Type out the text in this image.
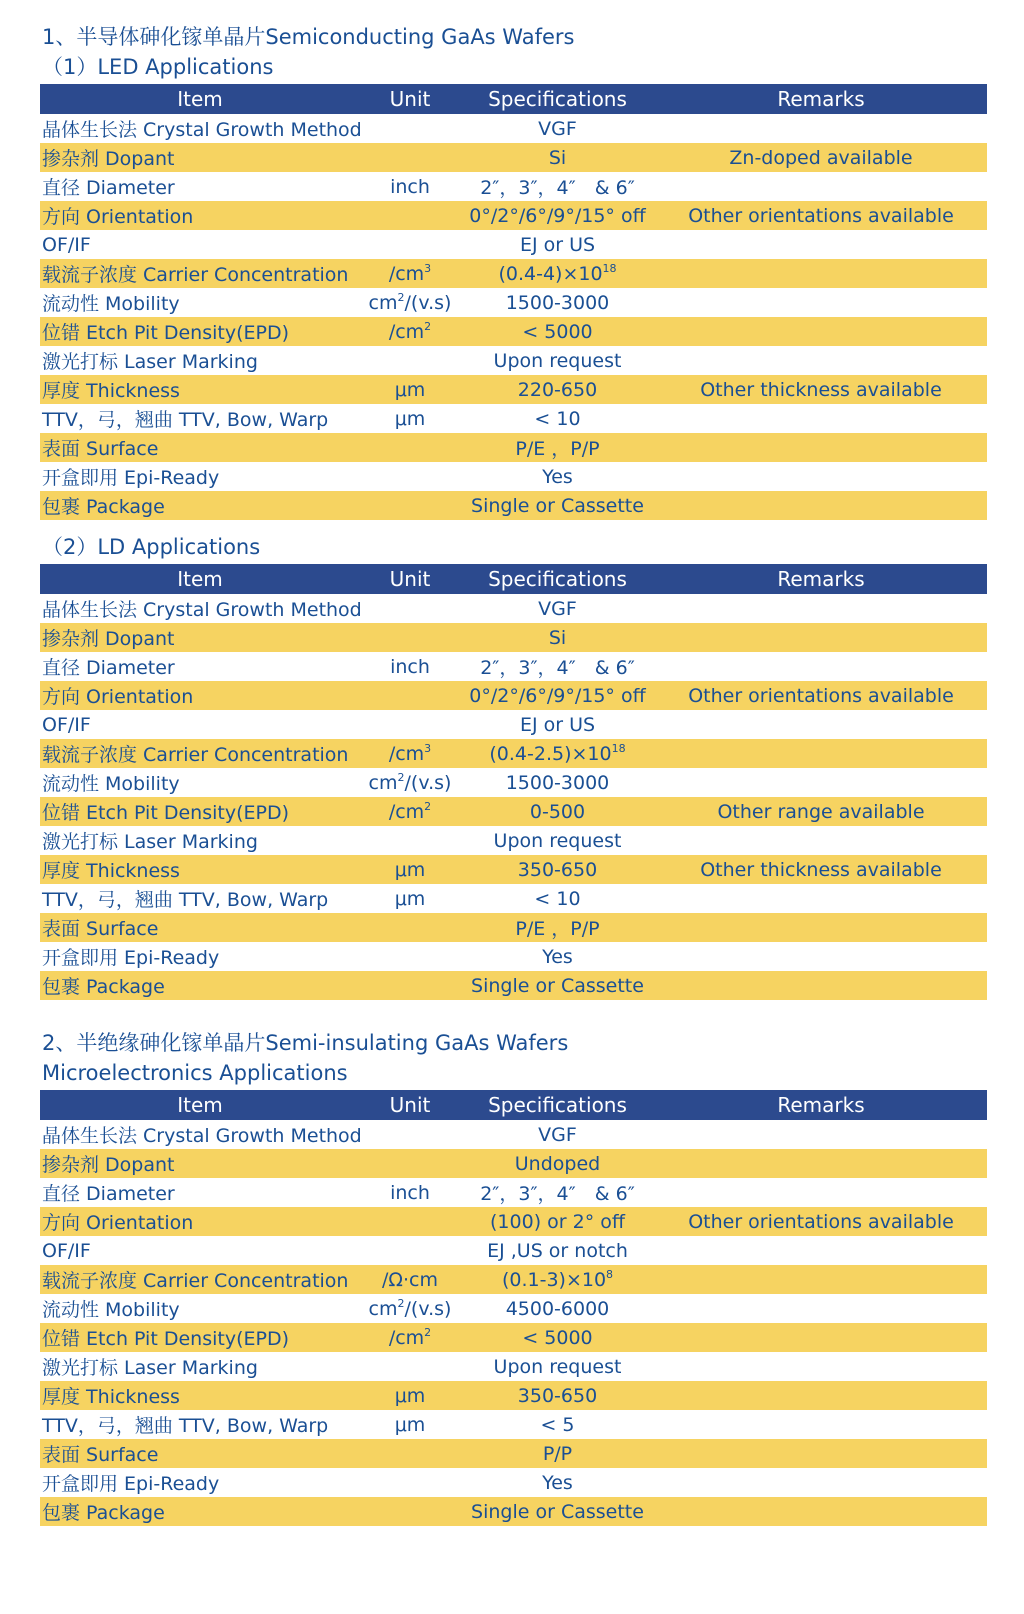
1、半导体砷化镓单晶片Semiconducting GaAs Wafers
（1）LED Applications
Item	Unit	Specifications	Remarks
晶体生长法 Crystal Growth Method		VGF	
掺杂剂 Dopant		Si	Zn-doped available
直径 Diameter	inch	2″，3″，4″　& 6″	
方向 Orientation		0°/2°/6°/9°/15° off	Other orientations available
OF/IF		EJ or US	
载流子浓度 Carrier Concentration	$/cm^3$	$(0.4-4)\times 10^{18}$	
流动性 Mobility	$cm^2/(v.s)$	1500-3000	
位错 Etch Pit Density(EPD)	$/cm^2$	< 5000	
激光打标 Laser Marking		Upon request	
厚度 Thickness	μm	220-650	Other thickness available
TTV，弓，翘曲 TTV, Bow, Warp	μm	< 10	
表面 Surface		P/E ，P/P	
开盒即用 Epi-Ready		Yes	
包裹 Package		Single or Cassette	
（2）LD Applications
Item	Unit	Specifications	Remarks
晶体生长法 Crystal Growth Method		VGF	
掺杂剂 Dopant		Si	
直径 Diameter	inch	2″，3″，4″　& 6″	
方向 Orientation		0°/2°/6°/9°/15° off	Other orientations available
OF/IF		EJ or US	
载流子浓度 Carrier Concentration	$/cm^3$	$(0.4-2.5)\times 10^{18}$	
流动性 Mobility	$cm^2/(v.s)$	1500-3000	
位错 Etch Pit Density(EPD)	$/cm^2$	0-500	Other range available
激光打标 Laser Marking		Upon request	
厚度 Thickness	μm	350-650	Other thickness available
TTV，弓，翘曲 TTV, Bow, Warp	μm	< 10	
表面 Surface		P/E ，P/P	
开盒即用 Epi-Ready		Yes	
包裹 Package		Single or Cassette	
2、半绝缘砷化镓单晶片Semi-insulating GaAs Wafers
Microelectronics Applications
Item	Unit	Specifications	Remarks
晶体生长法 Crystal Growth Method		VGF	
掺杂剂 Dopant		Undoped	
直径 Diameter	inch	2″，3″，4″　& 6″	
方向 Orientation		(100) or 2° off	Other orientations available
OF/IF		EJ ,US or notch	
载流子浓度 Carrier Concentration	/Ω·cm	$(0.1-3)\times 10^8$	
流动性 Mobility	$cm^2/(v.s)$	4500-6000	
位错 Etch Pit Density(EPD)	$/cm^2$	< 5000	
激光打标 Laser Marking		Upon request	
厚度 Thickness	μm	350-650	
TTV，弓，翘曲 TTV, Bow, Warp	μm	< 5	
表面 Surface		P/P	
开盒即用 Epi-Ready		Yes	
包裹 Package		Single or Cassette	
